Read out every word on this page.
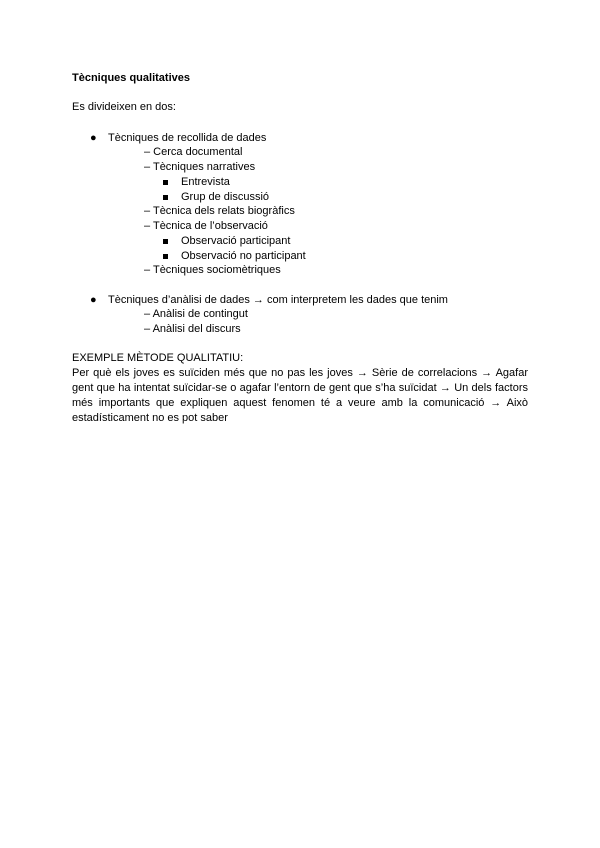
Tècniques qualitatives
Es divideixen en dos:
● Tècniques de recollida de dades
– Cerca documental
– Tècniques narratives
Entrevista
Grup de discussió
– Tècnica dels relats biogràfics
– Tècnica de l’observació
Observació participant
Observació no participant
– Tècniques sociomètriques
● Tècniques d’anàlisi de dades → com interpretem les dades que tenim
– Anàlisi de contingut
– Anàlisi del discurs
EXEMPLE MÈTODE QUALITATIU:
Per què els joves es suïciden més que no pas les joves → Sèrie de correlacions → Agafar gent que ha intentat suïcidar-se o agafar l’entorn de gent que s’ha suïcidat → Un dels factors més importants que expliquen aquest fenomen té a veure amb la comunicació → Això estadísticament no es pot saber
